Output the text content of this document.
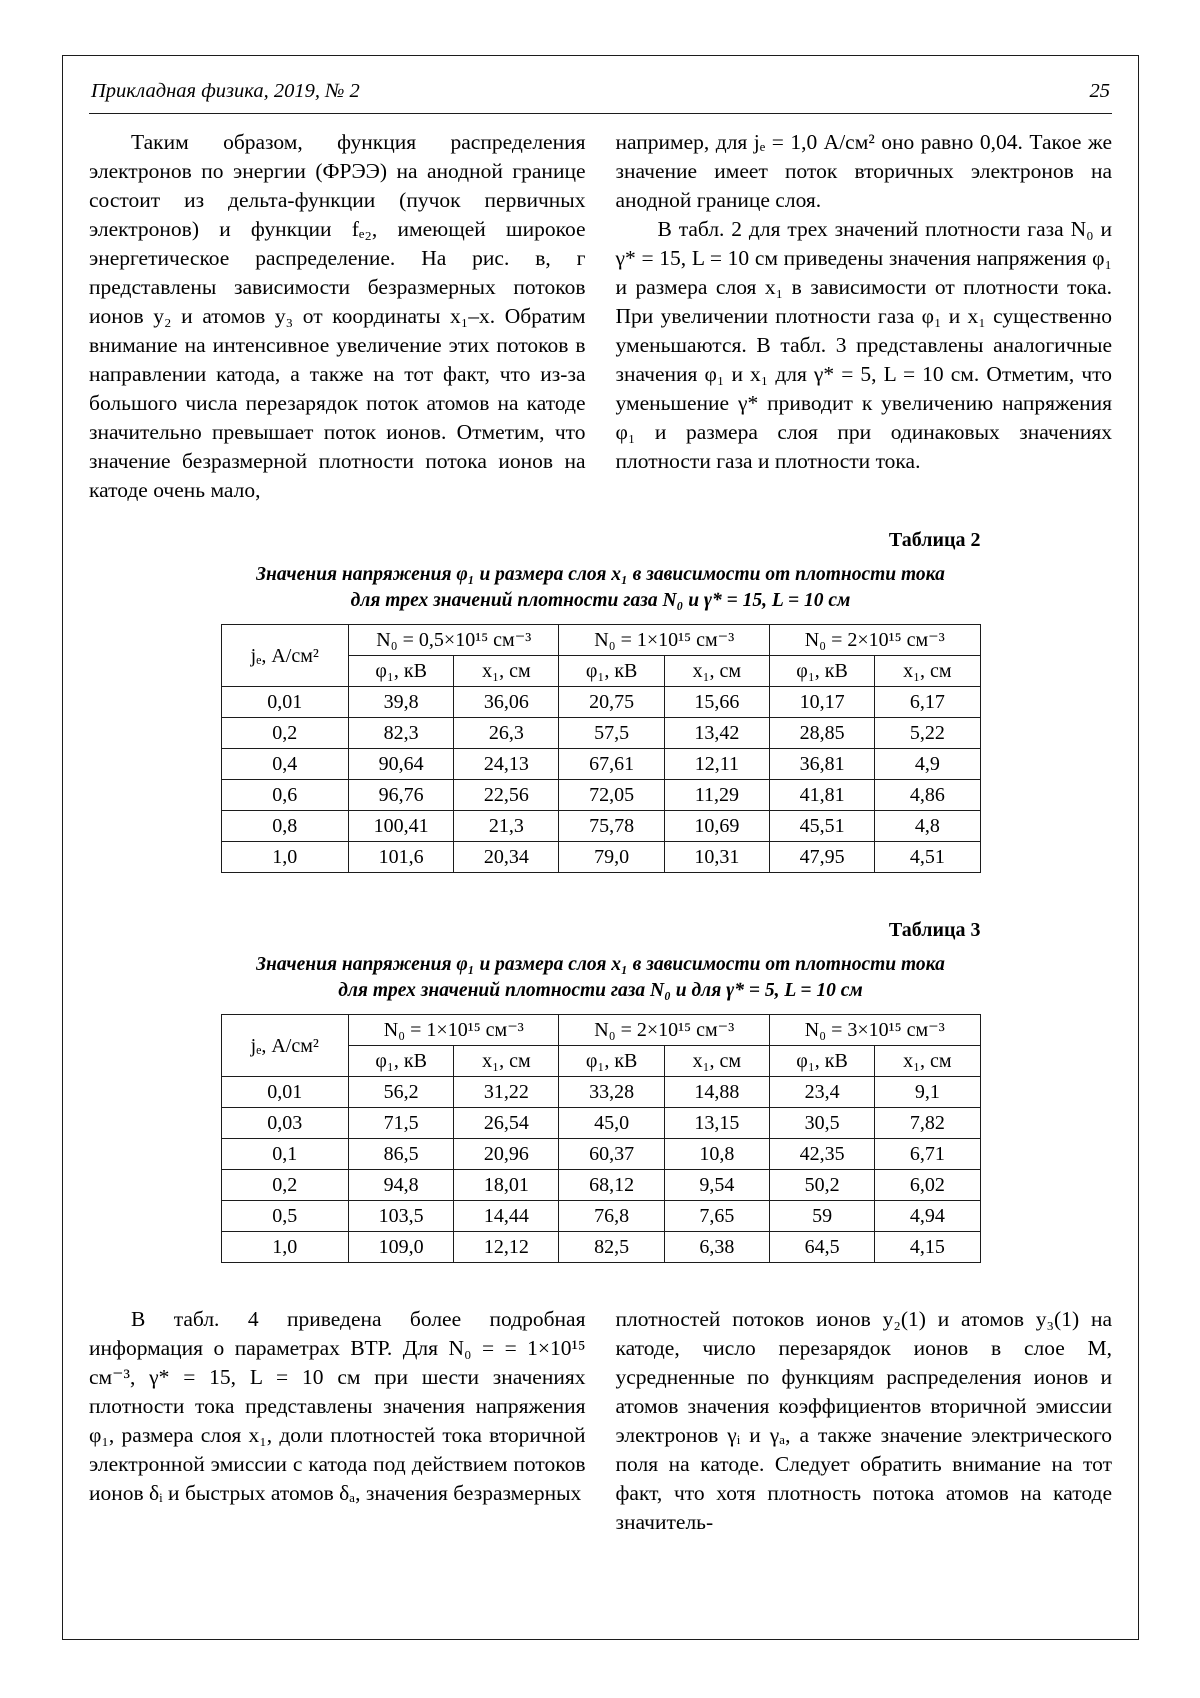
Прикладная физика, 2019, № 2	25

Таким образом, функция распределения электронов по энергии (ФРЭЭ) на анодной границе состоит из дельта-функции (пучок первичных электронов) и функции fₑ₂, имеющей широкое энергетическое распределение. На рис. в, г представлены зависимости безразмерных потоков ионов y₂ и атомов y₃ от координаты x₁–x. Обратим внимание на интенсивное увеличение этих потоков в направлении катода, а также на тот факт, что из-за большого числа перезарядок поток атомов на катоде значительно превышает поток ионов. Отметим, что значение безразмерной плотности потока ионов на катоде очень мало,

например, для jₑ = 1,0 А/см² оно равно 0,04. Такое же значение имеет поток вторичных электронов на анодной границе слоя.

В табл. 2 для трех значений плотности газа N₀ и γ* = 15, L = 10 см приведены значения напряжения φ₁ и размера слоя x₁ в зависимости от плотности тока. При увеличении плотности газа φ₁ и x₁ существенно уменьшаются. В табл. 3 представлены аналогичные значения φ₁ и x₁ для γ* = 5, L = 10 см. Отметим, что уменьшение γ* приводит к увеличению напряжения φ₁ и размера слоя при одинаковых значениях плотности газа и плотности тока.

Таблица 2
Значения напряжения φ₁ и размера слоя x₁ в зависимости от плотности тока
для трех значений плотности газа N₀ и γ* = 15, L = 10 см
jₑ, А/см²	N₀ = 0,5×10¹⁵ см⁻³		N₀ = 1×10¹⁵ см⁻³		N₀ = 2×10¹⁵ см⁻³	
	φ₁, кВ	x₁, см	φ₁, кВ	x₁, см	φ₁, кВ	x₁, см
0,01	39,8	36,06	20,75	15,66	10,17	6,17
0,2	82,3	26,3	57,5	13,42	28,85	5,22
0,4	90,64	24,13	67,61	12,11	36,81	4,9
0,6	96,76	22,56	72,05	11,29	41,81	4,86
0,8	100,41	21,3	75,78	10,69	45,51	4,8
1,0	101,6	20,34	79,0	10,31	47,95	4,51
Таблица 3
Значения напряжения φ₁ и размера слоя x₁ в зависимости от плотности тока
для трех значений плотности газа N₀ и для γ* = 5, L = 10 см
jₑ, А/см²	N₀ = 1×10¹⁵ см⁻³		N₀ = 2×10¹⁵ см⁻³		N₀ = 3×10¹⁵ см⁻³	
	φ₁, кВ	x₁, см	φ₁, кВ	x₁, см	φ₁, кВ	x₁, см
0,01	56,2	31,22	33,28	14,88	23,4	9,1
0,03	71,5	26,54	45,0	13,15	30,5	7,82
0,1	86,5	20,96	60,37	10,8	42,35	6,71
0,2	94,8	18,01	68,12	9,54	50,2	6,02
0,5	103,5	14,44	76,8	7,65	59	4,94
1,0	109,0	12,12	82,5	6,38	64,5	4,15

В табл. 4 приведена более подробная информация о параметрах ВТР. Для N₀ = = 1×10¹⁵ см⁻³, γ* = 15, L = 10 см при шести значениях плотности тока представлены значения напряжения φ₁, размера слоя x₁, доли плотностей тока вторичной электронной эмиссии с катода под действием потоков ионов δᵢ и быстрых атомов δₐ, значения безразмерных

плотностей потоков ионов y₂(1) и атомов y₃(1) на катоде, число перезарядок ионов в слое M, усредненные по функциям распределения ионов и атомов значения коэффициентов вторичной эмиссии электронов γᵢ и γₐ, а также значение электрического поля на катоде. Следует обратить внимание на тот факт, что хотя плотность потока атомов на катоде значитель-
